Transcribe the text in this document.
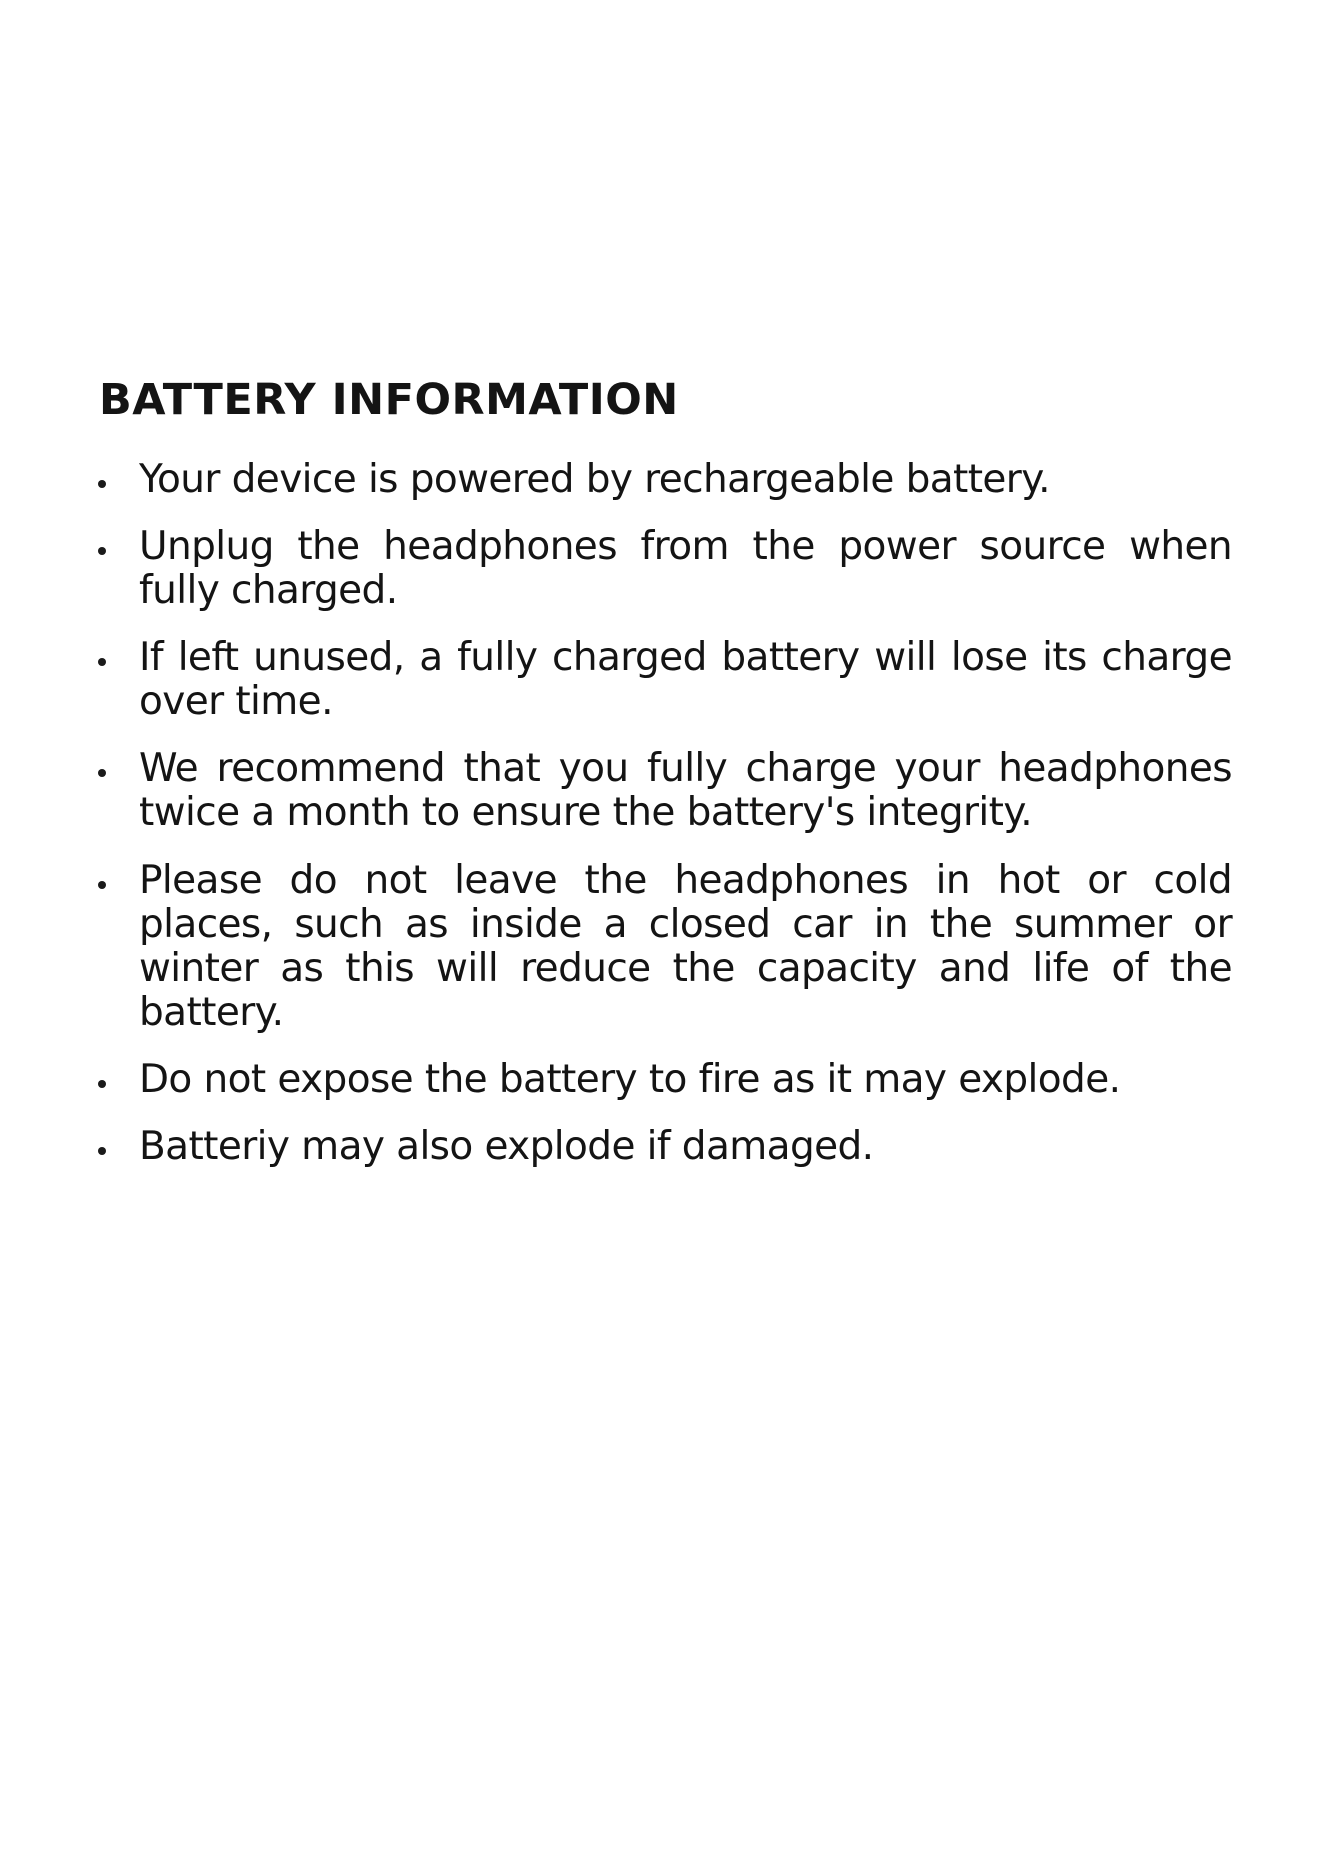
BATTERY INFORMATION

Your device is powered by rechargeable battery.

Unplug the headphones from the power source when fully charged.

If left unused, a fully charged battery will lose its charge over time.

We recommend that you fully charge your headphones twice a month to ensure the battery's integrity.

Please do not leave the headphones in hot or cold places, such as inside a closed car in the summer or winter as this will reduce the capacity and life of the battery.

Do not expose the battery to fire as it may explode.

Batteriy may also explode if damaged.
